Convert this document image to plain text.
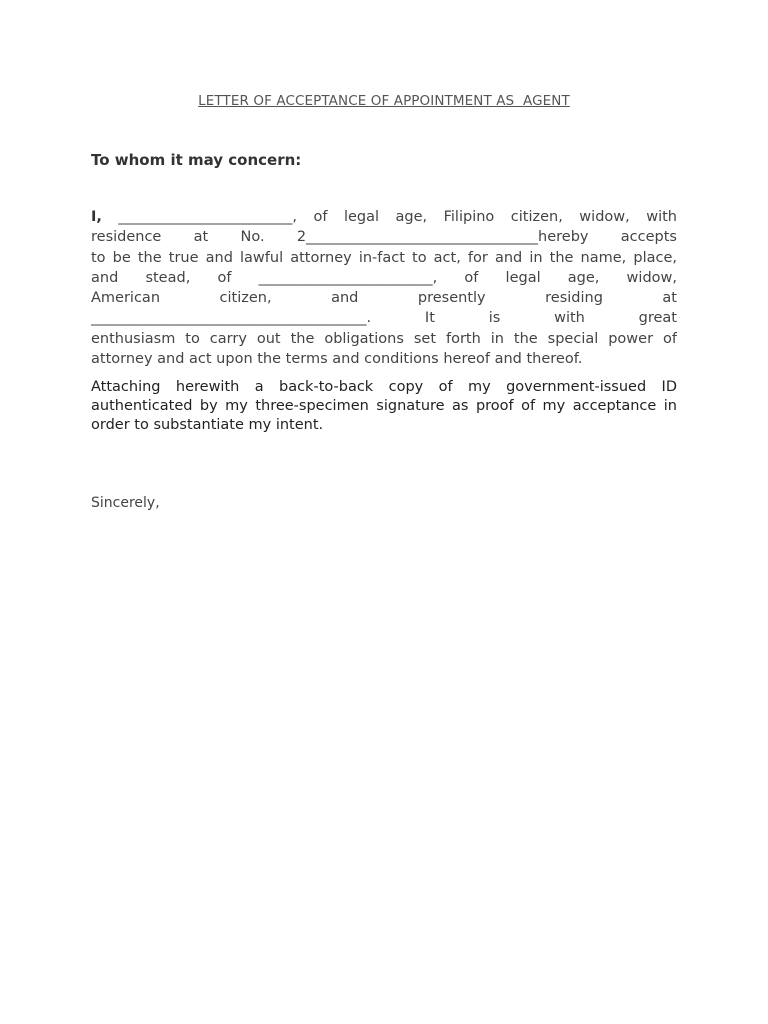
LETTER OF ACCEPTANCE OF APPOINTMENT AS  AGENT
To whom it may concern:
I, ________________________, of legal age, Filipino citizen, widow, with
residence at No. 2________________________________hereby accepts
to be the true and lawful attorney in-fact to act, for and in the name, place,
and stead, of ________________________, of legal age, widow,
American citizen, and presently residing at
______________________________________. It is with great
enthusiasm to carry out the obligations set forth in the special power of
attorney and act upon the terms and conditions hereof and thereof.
Attaching herewith a back-to-back copy of my government-issued ID
authenticated by my three-specimen signature as proof of my acceptance in
order to substantiate my intent.
Sincerely,
